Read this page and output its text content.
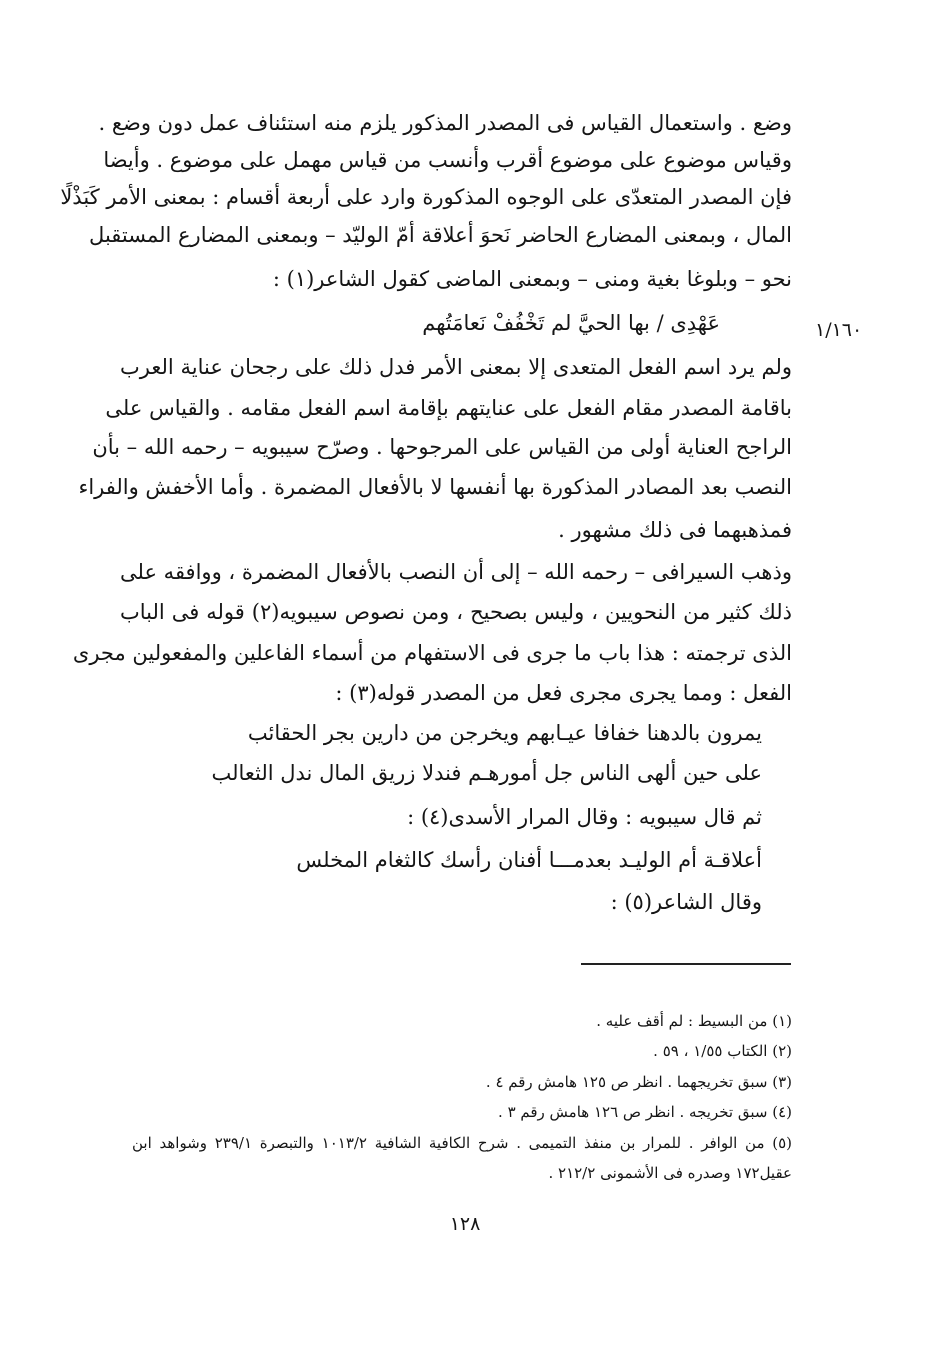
وضع . واستعمال القياس فى المصدر المذكور يلزم منه استئناف عمل دون وضع .
وقياس موضوع على موضوع أقرب وأنسب من قياس مهمل على موضوع . وأيضا
فإن المصدر المتعدّى على الوجوه المذكورة وارد على أربعة أقسام : بمعنى الأمر كَبَذْلًا
المال ، وبمعنى المضارع الحاضر نَحوَ أعلاقة أمّ الوليّد – وبمعنى المضارع المستقبل
نحو – وبلوغا بغية ومنى – وبمعنى الماضى كقول الشاعر(١) :
عَهْدِى / بها الحيَّ لم تَخْفُفْ نَعامَتُهم	١/١٦٠
ولم يرد اسم الفعل المتعدى إلا بمعنى الأمر فدل ذلك على رجحان عناية العرب
باقامة المصدر مقام الفعل على عنايتهم بإقامة اسم الفعل مقامه . والقياس على
الراجح العناية أولى من القياس على المرجوحها . وصرّح سيبويه – رحمه الله – بأن
النصب بعد المصادر المذكورة بها أنفسها لا بالأفعال المضمرة . وأما الأخفش والفراء
فمذهبهما فى ذلك مشهور .
وذهب السيرافى – رحمه الله – إلى أن النصب بالأفعال المضمرة ، ووافقه على
ذلك كثير من النحويين ، وليس بصحيح ، ومن نصوص سيبويه(٢) قوله فى الباب
الذى ترجمته : هذا باب ما جرى فى الاستفهام من أسماء الفاعلين والمفعولين مجرى
الفعل : ومما يجرى مجرى فعل من المصدر قوله(٣) :
يمرون بالدهنا خفافا عيـابهم ويخرجن من دارين بجر الحقائب
على حين ألهى الناس جل أمورهـم فندلا زريق المال ندل الثعالب
ثم قال سيبويه : وقال المرار الأسدى(٤) :
أعلاقـة أم الوليـد بعدمـــا أفنان رأسك كالثغام المخلس
وقال الشاعر(٥) :
(١) من البسيط : لم أقف عليه .
(٢) الكتاب ١/٥٥ ، ٥٩ .
(٣) سبق تخريجهما . انظر ص ١٢٥ هامش رقم ٤ .
(٤) سبق تخريجه . انظر ص ١٢٦ هامش رقم ٣ .
(٥) من الوافر . للمرار بن منفذ التميمى . شرح الكافية الشافية ١٠١٣/٢ والتبصرة ٢٣٩/١ وشواهد ابن
عقيل١٧٢ وصدره فى الأشمونى ٢١٢/٢ .
١٢٨
